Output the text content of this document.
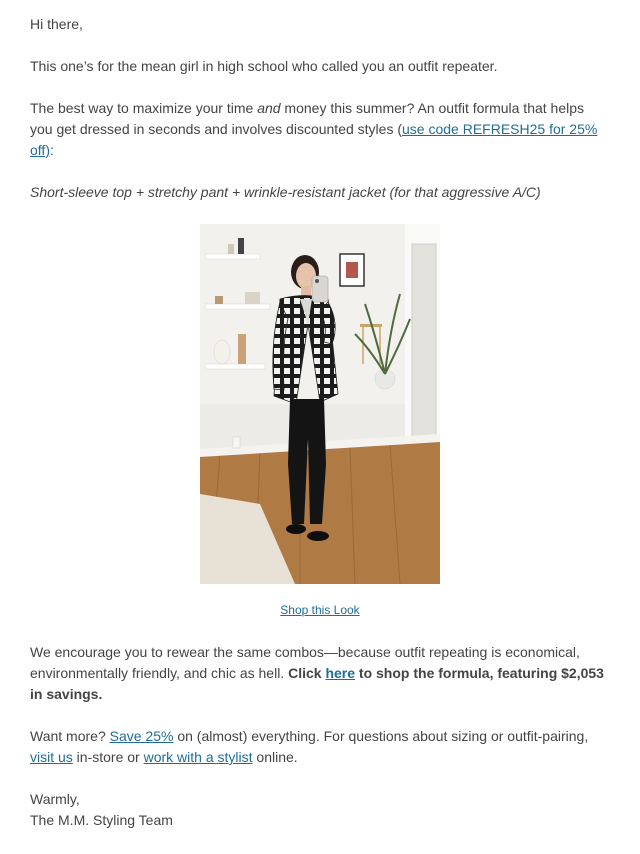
Hi there,

This one’s for the mean girl in high school who called you an outfit repeater.

The best way to maximize your time and money this summer? An outfit formula that helps you get dressed in seconds and involves discounted styles (use code REFRESH25 for 25% off):

Short-sleeve top + stretchy pant + wrinkle-resistant jacket (for that aggressive A/C)

Shop this Look

We encourage you to rewear the same combos—because outfit repeating is economical, environmentally friendly, and chic as hell. Click here to shop the formula, featuring $2,053 in savings.

Want more? Save 25% on (almost) everything. For questions about sizing or outfit-pairing, visit us in-store or work with a stylist online.

Warmly,

The M.M. Styling Team
